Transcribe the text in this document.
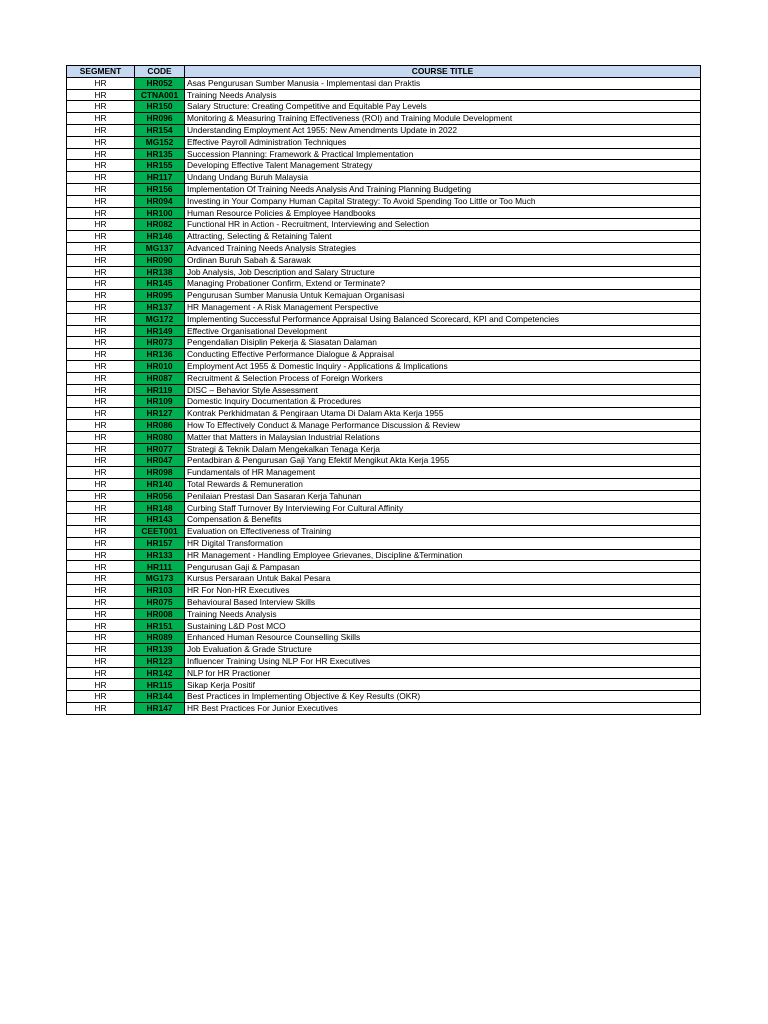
SEGMENT	CODE	COURSE TITLE
HR	HR052	Asas Pengurusan Sumber Manusia - Implementasi dan Praktis
HR	CTNA001	Training Needs Analysis
HR	HR150	Salary Structure: Creating Competitive and Equitable Pay Levels
HR	HR096	Monitoring & Measuring Training Effectiveness (ROI) and Training Module Development
HR	HR154	Understanding Employment Act 1955: New Amendments Update in 2022
HR	MG152	Effective Payroll Administration Techniques
HR	HR135	Succession Planning: Framework & Practical Implementation
HR	HR155	Developing Effective Talent Management Strategy
HR	HR117	Undang Undang Buruh Malaysia
HR	HR156	Implementation Of Training Needs Analysis And Training Planning Budgeting
HR	HR094	Investing in Your Company Human Capital Strategy: To Avoid Spending Too Little or Too Much
HR	HR100	Human Resource Policies & Employee Handbooks
HR	HR082	Functional HR in Action - Recruitment, Interviewing and Selection
HR	HR146	Attracting, Selecting & Retaining Talent
HR	MG137	Advanced Training Needs Analysis Strategies
HR	HR090	Ordinan Buruh Sabah & Sarawak
HR	HR138	Job Analysis, Job Description and Salary Structure
HR	HR145	Managing Probationer Confirm, Extend or Terminate?
HR	HR095	Pengurusan Sumber Manusia Untuk Kemajuan Organisasi
HR	HR137	HR Management - A Risk Management Perspective
HR	MG172	Implementing Successful Performance Appraisal Using Balanced Scorecard, KPI and Competencies
HR	HR149	Effective Organisational Development
HR	HR073	Pengendalian Disiplin Pekerja & Siasatan Dalaman
HR	HR136	Conducting Effective Performance Dialogue & Appraisal
HR	HR010	Employment Act 1955 & Domestic Inquiry - Applications & Implications
HR	HR087	Recruitment & Selection Process of Foreign Workers
HR	HR119	DISC – Behavior Style Assessment
HR	HR109	Domestic Inquiry Documentation & Procedures
HR	HR127	Kontrak Perkhidmatan & Pengiraan Utama Di Dalam Akta Kerja 1955
HR	HR086	How To Effectively Conduct & Manage Performance Discussion & Review
HR	HR080	Matter that Matters in Malaysian Industrial Relations
HR	HR077	Strategi & Teknik Dalam Mengekalkan Tenaga Kerja
HR	HR047	Pentadbiran & Pengurusan Gaji Yang Efektif Mengikut Akta Kerja 1955
HR	HR098	Fundamentals of HR Management
HR	HR140	Total Rewards & Remuneration
HR	HR056	Penilaian Prestasi Dan Sasaran Kerja Tahunan
HR	HR148	Curbing Staff Turnover By Interviewing For Cultural Affinity
HR	HR143	Compensation & Benefits
HR	CEET001	Evaluation on Effectiveness of Training
HR	HR157	HR Digital Transformation
HR	HR133	HR Management - Handling Employee Grievanes, Discipline &Termination
HR	HR111	Pengurusan Gaji & Pampasan
HR	MG173	Kursus Persaraan Untuk Bakal Pesara
HR	HR103	HR For Non-HR Executives
HR	HR075	Behavioural Based Interview Skills
HR	HR008	Training Needs Analysis
HR	HR151	Sustaining L&D Post MCO
HR	HR089	Enhanced Human Resource Counselling Skills
HR	HR139	Job Evaluation & Grade Structure
HR	HR123	Influencer Training Using NLP For HR Executives
HR	HR142	NLP for HR Practioner
HR	HR115	Sikap Kerja Positif
HR	HR144	Best Practices in Implementing Objective & Key Results (OKR)
HR	HR147	HR Best Practices For Junior Executives
